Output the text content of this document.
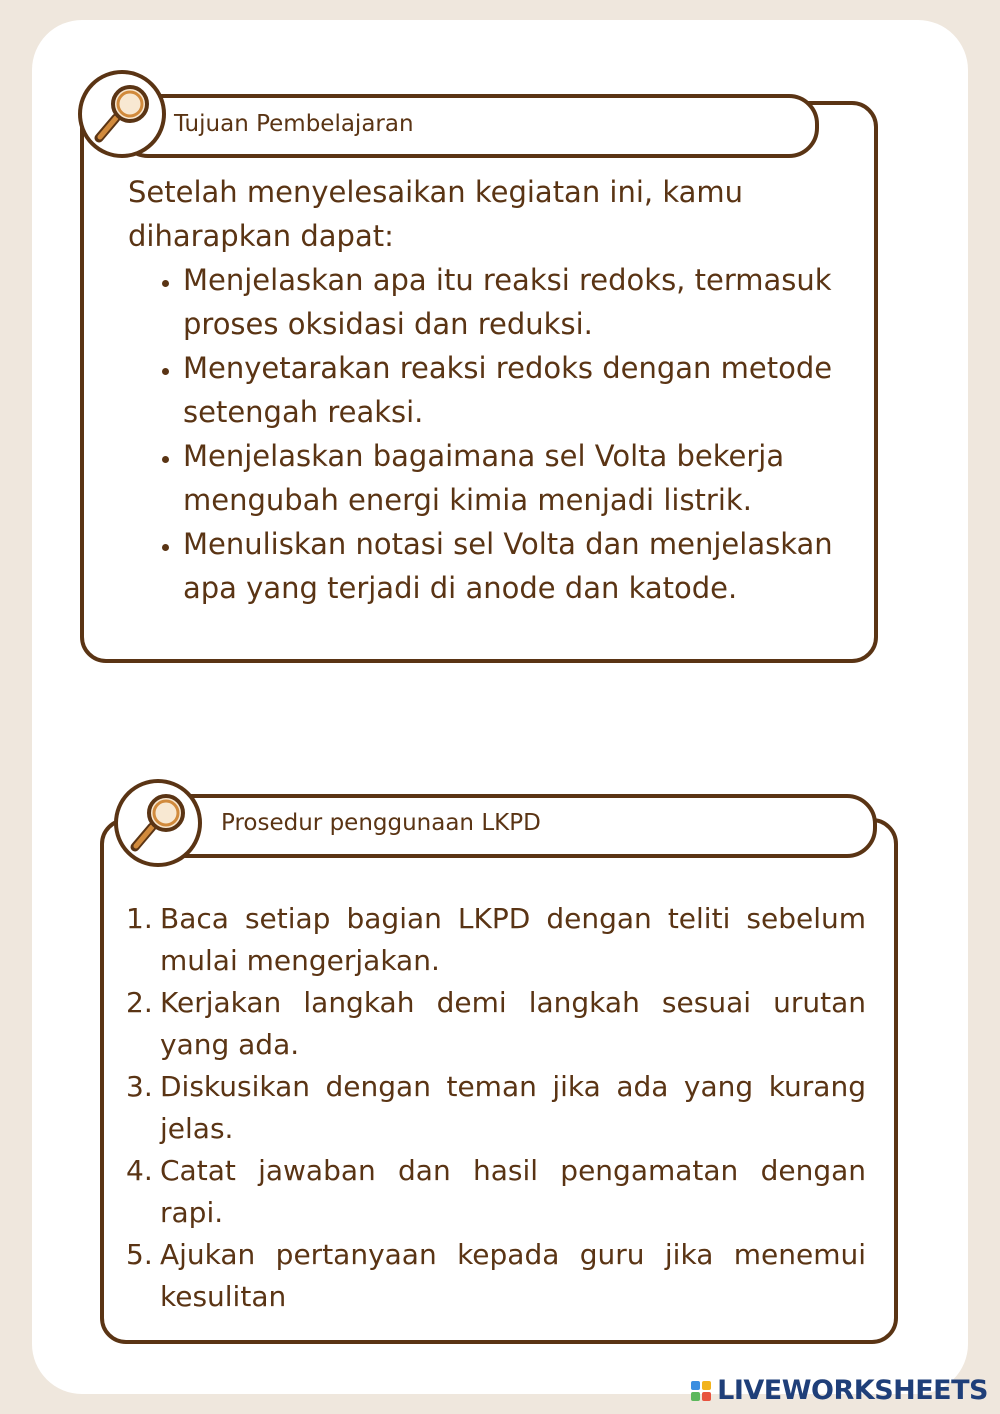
Tujuan Pembelajaran

Setelah menyelesaikan kegiatan ini, kamu diharapkan dapat:

• Menjelaskan apa itu reaksi redoks, termasuk proses oksidasi dan reduksi.
• Menyetarakan reaksi redoks dengan metode setengah reaksi.
• Menjelaskan bagaimana sel Volta bekerja mengubah energi kimia menjadi listrik.
• Menuliskan notasi sel Volta dan menjelaskan apa yang terjadi di anode dan katode.
Prosedur penggunaan LKPD
1. Baca setiap bagian LKPD dengan teliti sebelum mulai mengerjakan.
2. Kerjakan langkah demi langkah sesuai urutan yang ada.
3. Diskusikan dengan teman jika ada yang kurang jelas.
4. Catat jawaban dan hasil pengamatan dengan rapi.
5. Ajukan pertanyaan kepada guru jika menemui kesulitan
LIVEWORKSHEETS
